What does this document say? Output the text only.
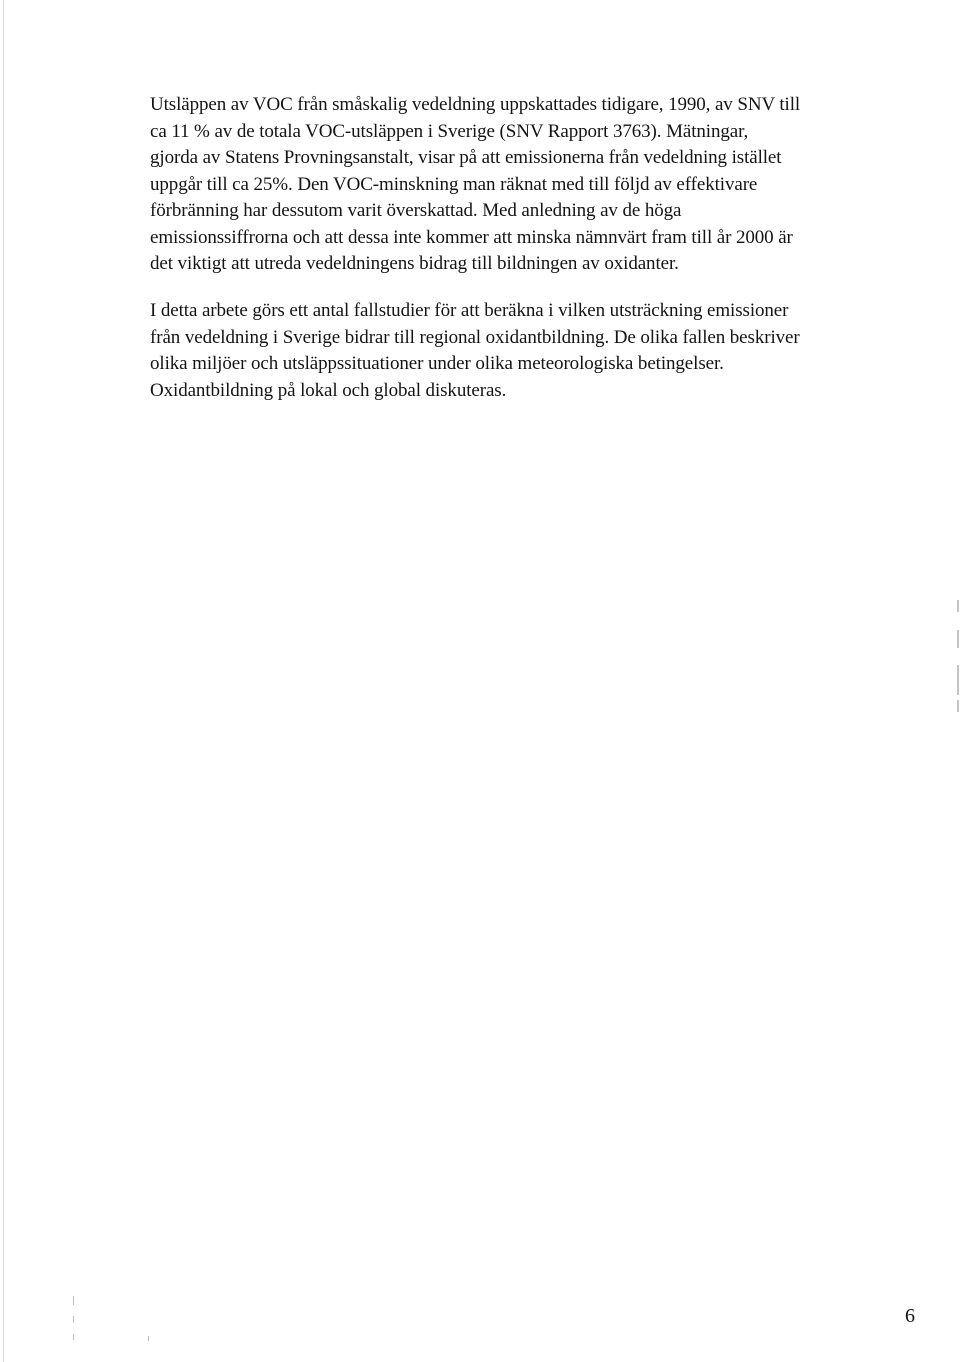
Utsläppen av VOC från småskalig vedeldning uppskattades tidigare, 1990, av SNV till
ca 11 % av de totala VOC-utsläppen i Sverige (SNV Rapport 3763). Mätningar,
gjorda av Statens Provningsanstalt, visar på att emissionerna från vedeldning istället
uppgår till ca 25%. Den VOC-minskning man räknat med till följd av effektivare
förbränning har dessutom varit överskattad. Med anledning av de höga
emissionssiffrorna och att dessa inte kommer att minska nämnvärt fram till år 2000 är
det viktigt att utreda vedeldningens bidrag till bildningen av oxidanter.
I detta arbete görs ett antal fallstudier för att beräkna i vilken utsträckning emissioner
från vedeldning i Sverige bidrar till regional oxidantbildning. De olika fallen beskriver
olika miljöer och utsläppssituationer under olika meteorologiska betingelser.
Oxidantbildning på lokal och global diskuteras.
6
